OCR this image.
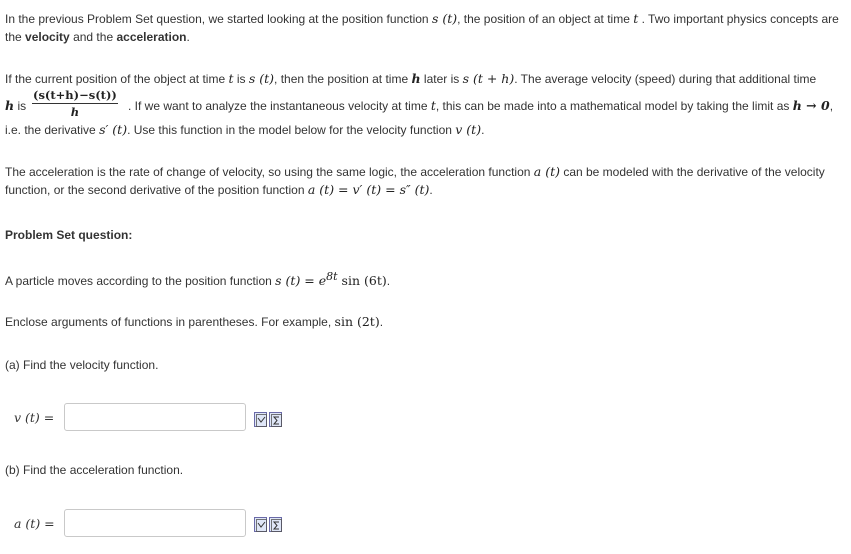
In the previous Problem Set question, we started looking at the position function s (t), the position of an object at time t . Two important physics concepts are the velocity and the acceleration.

If the current position of the object at time t is s (t), then the position at time h later is s (t + h). The average velocity (speed) during that additional time
h is $\frac{(s(t+h)-s(t))}{h}$ . If we want to analyze the instantaneous velocity at time t, this can be made into a mathematical model by taking the limit as h → 0,
i.e. the derivative s′ (t). Use this function in the model below for the velocity function v (t).

The acceleration is the rate of change of velocity, so using the same logic, the acceleration function a (t) can be modeled with the derivative of the velocity function, or the second derivative of the position function a (t) = v′ (t) = s″ (t).

Problem Set question:
A particle moves according to the position function s $(t) = e^{8t}$ sin (6t).
Enclose arguments of functions in parentheses. For example, sin (2t).
(a) Find the velocity function.
v (t) =
(b) Find the acceleration function.
a (t) =
